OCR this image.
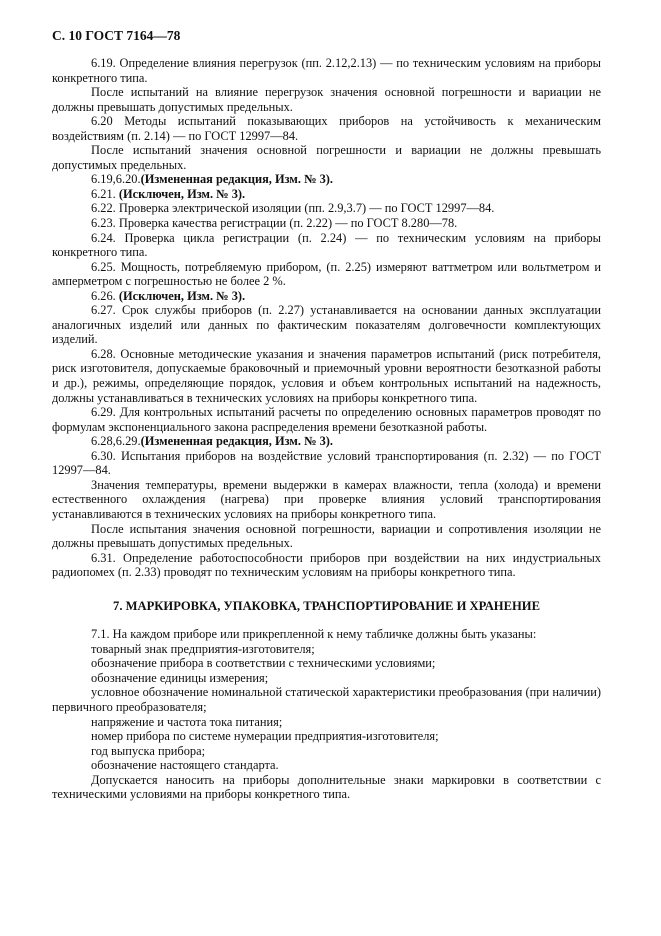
С. 10 ГОСТ 7164—78

6.19. Определение влияния перегрузок (пп. 2.12,2.13) — по техническим условиям на приборы конкретного типа.

После испытаний на влияние перегрузок значения основной погрешности и вариации не должны превышать допустимых предельных.

6.20 Методы испытаний показывающих приборов на устойчивость к механическим воздействиям (п. 2.14) — по ГОСТ 12997—84.

После испытаний значения основной погрешности и вариации не должны превышать допустимых предельных.

6.19,6.20.(Измененная редакция, Изм. № 3).

6.21. (Исключен, Изм. № 3).

6.22. Проверка электрической изоляции (пп. 2.9,3.7) — по ГОСТ 12997—84.

6.23. Проверка качества регистрации (п. 2.22) — по ГОСТ 8.280—78.

6.24. Проверка цикла регистрации (п. 2.24) — по техническим условиям на приборы конкретного типа.

6.25. Мощность, потребляемую прибором, (п. 2.25) измеряют ваттметром или вольтметром и амперметром с погрешностью не более 2 %.

6.26. (Исключен, Изм. № 3).

6.27. Срок службы приборов (п. 2.27) устанавливается на основании данных эксплуатации аналогичных изделий или данных по фактическим показателям долговечности комплектующих изделий.

6.28. Основные методические указания и значения параметров испытаний (риск потребителя, риск изготовителя, допускаемые браковочный и приемочный уровни вероятности безотказной работы и др.), режимы, определяющие порядок, условия и объем контрольных испытаний на надежность, должны устанавливаться в технических условиях на приборы конкретного типа.

6.29. Для контрольных испытаний расчеты по определению основных параметров проводят по формулам экспоненциального закона распределения времени безотказной работы.

6.28,6.29.(Измененная редакция, Изм. № 3).

6.30. Испытания приборов на воздействие условий транспортирования (п. 2.32) — по ГОСТ 12997—84.

Значения температуры, времени выдержки в камерах влажности, тепла (холода) и времени естественного охлаждения (нагрева) при проверке влияния условий транспортирования устанавливаются в технических условиях на приборы конкретного типа.

После испытания значения основной погрешности, вариации и сопротивления изоляции не должны превышать допустимых предельных.

6.31. Определение работоспособности приборов при воздействии на них индустриальных радиопомех (п. 2.33) проводят по техническим условиям на приборы конкретного типа.

7. МАРКИРОВКА, УПАКОВКА, ТРАНСПОРТИРОВАНИЕ И ХРАНЕНИЕ

7.1. На каждом приборе или прикрепленной к нему табличке должны быть указаны:

товарный знак предприятия-изготовителя;

обозначение прибора в соответствии с техническими условиями;

обозначение единицы измерения;

условное обозначение номинальной статической характеристики преобразования (при наличии) первичного преобразователя;

напряжение и частота тока питания;

номер прибора по системе нумерации предприятия-изготовителя;

год выпуска прибора;

обозначение настоящего стандарта.

Допускается наносить на приборы дополнительные знаки маркировки в соответствии с техническими условиями на приборы конкретного типа.
